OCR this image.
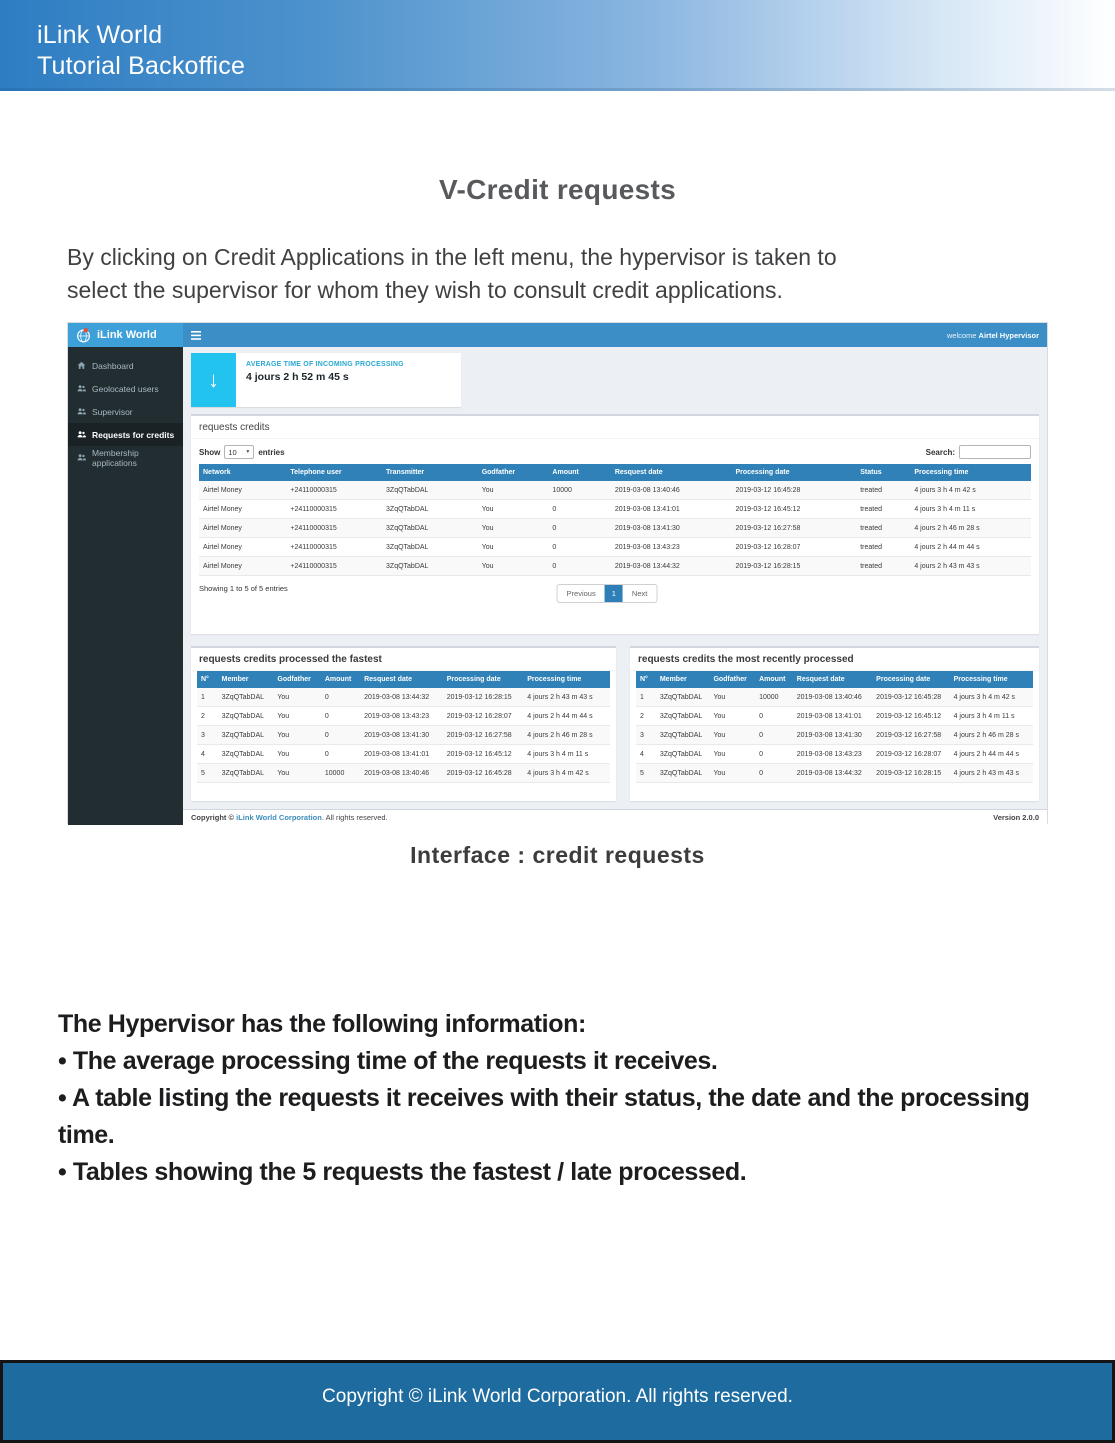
iLink World
Tutorial Backoffice
V-Credit requests
By clicking on Credit Applications in the left menu, the hypervisor is taken to
select the supervisor for whom they wish to consult credit applications.
iLink World	welcome Airtel Hypervisor
Dashboard
Geolocated users
Supervisor
Requests for credits
Membership applications
↓
AVERAGE TIME OF INCOMING PROCESSING
4 jours 2 h 52 m 45 s
requests credits
Show 10 ▼ entries	Search:
Network	Telephone user	Transmitter	Godfather	Amount	Resquest date	Processing date	Status	Processing time
Airtel Money	+24110000315	3ZqQTabDAL	You	10000	2019-03-08 13:40:46	2019-03-12 16:45:28	treated	4 jours 3 h 4 m 42 s
Airtel Money	+24110000315	3ZqQTabDAL	You	0	2019-03-08 13:41:01	2019-03-12 16:45:12	treated	4 jours 3 h 4 m 11 s
Airtel Money	+24110000315	3ZqQTabDAL	You	0	2019-03-08 13:41:30	2019-03-12 16:27:58	treated	4 jours 2 h 46 m 28 s
Airtel Money	+24110000315	3ZqQTabDAL	You	0	2019-03-08 13:43:23	2019-03-12 16:28:07	treated	4 jours 2 h 44 m 44 s
Airtel Money	+24110000315	3ZqQTabDAL	You	0	2019-03-08 13:44:32	2019-03-12 16:28:15	treated	4 jours 2 h 43 m 43 s
Showing 1 to 5 of 5 entries
Previous	1	Next
requests credits processed the fastest
N°	Member	Godfather	Amount	Resquest date	Processing date	Processing time
1	3ZqQTabDAL	You	0	2019-03-08 13:44:32	2019-03-12 16:28:15	4 jours 2 h 43 m 43 s
2	3ZqQTabDAL	You	0	2019-03-08 13:43:23	2019-03-12 16:28:07	4 jours 2 h 44 m 44 s
3	3ZqQTabDAL	You	0	2019-03-08 13:41:30	2019-03-12 16:27:58	4 jours 2 h 46 m 28 s
4	3ZqQTabDAL	You	0	2019-03-08 13:41:01	2019-03-12 16:45:12	4 jours 3 h 4 m 11 s
5	3ZqQTabDAL	You	10000	2019-03-08 13:40:46	2019-03-12 16:45:28	4 jours 3 h 4 m 42 s
requests credits the most recently processed
N°	Member	Godfather	Amount	Resquest date	Processing date	Processing time
1	3ZqQTabDAL	You	10000	2019-03-08 13:40:46	2019-03-12 16:45:28	4 jours 3 h 4 m 42 s
2	3ZqQTabDAL	You	0	2019-03-08 13:41:01	2019-03-12 16:45:12	4 jours 3 h 4 m 11 s
3	3ZqQTabDAL	You	0	2019-03-08 13:41:30	2019-03-12 16:27:58	4 jours 2 h 46 m 28 s
4	3ZqQTabDAL	You	0	2019-03-08 13:43:23	2019-03-12 16:28:07	4 jours 2 h 44 m 44 s
5	3ZqQTabDAL	You	0	2019-03-08 13:44:32	2019-03-12 16:28:15	4 jours 2 h 43 m 43 s
Copyright © iLink World Corporation. All rights reserved.	Version 2.0.0
Interface : credit requests
The Hypervisor has the following information:
• The average processing time of the requests it receives.
• A table listing the requests it receives with their status, the date and the processing time.
• Tables showing the 5 requests the fastest / late processed.
Copyright © iLink World Corporation. All rights reserved.
